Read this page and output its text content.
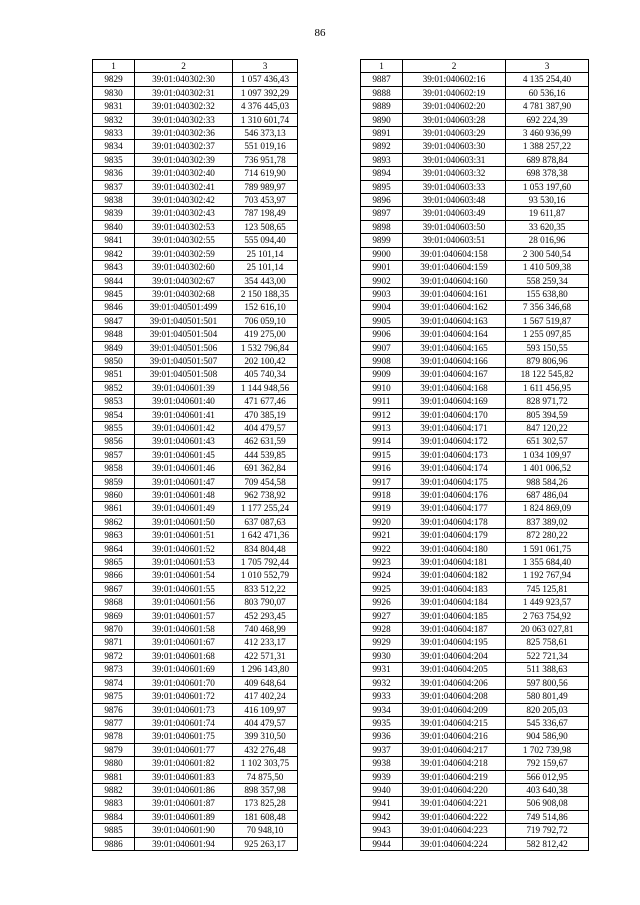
86
1	2	3
9829	39:01:040302:30	1 057 436,43
9830	39:01:040302:31	1 097 392,29
9831	39:01:040302:32	4 376 445,03
9832	39:01:040302:33	1 310 601,74
9833	39:01:040302:36	546 373,13
9834	39:01:040302:37	551 019,16
9835	39:01:040302:39	736 951,78
9836	39:01:040302:40	714 619,90
9837	39:01:040302:41	789 989,97
9838	39:01:040302:42	703 453,97
9839	39:01:040302:43	787 198,49
9840	39:01:040302:53	123 508,65
9841	39:01:040302:55	555 094,40
9842	39:01:040302:59	25 101,14
9843	39:01:040302:60	25 101,14
9844	39:01:040302:67	354 443,00
9845	39:01:040302:68	2 150 188,35
9846	39:01:040501:499	152 616,10
9847	39:01:040501:501	706 059,10
9848	39:01:040501:504	419 275,00
9849	39:01:040501:506	1 532 796,84
9850	39:01:040501:507	202 100,42
9851	39:01:040501:508	405 740,34
9852	39:01:040601:39	1 144 948,56
9853	39:01:040601:40	471 677,46
9854	39:01:040601:41	470 385,19
9855	39:01:040601:42	404 479,57
9856	39:01:040601:43	462 631,59
9857	39:01:040601:45	444 539,85
9858	39:01:040601:46	691 362,84
9859	39:01:040601:47	709 454,58
9860	39:01:040601:48	962 738,92
9861	39:01:040601:49	1 177 255,24
9862	39:01:040601:50	637 087,63
9863	39:01:040601:51	1 642 471,36
9864	39:01:040601:52	834 804,48
9865	39:01:040601:53	1 705 792,44
9866	39:01:040601:54	1 010 552,79
9867	39:01:040601:55	833 512,22
9868	39:01:040601:56	803 790,07
9869	39:01:040601:57	452 293,45
9870	39:01:040601:58	740 468,99
9871	39:01:040601:67	412 233,17
9872	39:01:040601:68	422 571,31
9873	39:01:040601:69	1 296 143,80
9874	39:01:040601:70	409 648,64
9875	39:01:040601:72	417 402,24
9876	39:01:040601:73	416 109,97
9877	39:01:040601:74	404 479,57
9878	39:01:040601:75	399 310,50
9879	39:01:040601:77	432 276,48
9880	39:01:040601:82	1 102 303,75
9881	39:01:040601:83	74 875,50
9882	39:01:040601:86	898 357,98
9883	39:01:040601:87	173 825,28
9884	39:01:040601:89	181 608,48
9885	39:01:040601:90	70 948,10
9886	39:01:040601:94	925 263,17
1	2	3
9887	39:01:040602:16	4 135 254,40
9888	39:01:040602:19	60 536,16
9889	39:01:040602:20	4 781 387,90
9890	39:01:040603:28	692 224,39
9891	39:01:040603:29	3 460 936,99
9892	39:01:040603:30	1 388 257,22
9893	39:01:040603:31	689 878,84
9894	39:01:040603:32	698 378,38
9895	39:01:040603:33	1 053 197,60
9896	39:01:040603:48	93 530,16
9897	39:01:040603:49	19 611,87
9898	39:01:040603:50	33 620,35
9899	39:01:040603:51	28 016,96
9900	39:01:040604:158	2 300 540,54
9901	39:01:040604:159	1 410 509,38
9902	39:01:040604:160	558 259,34
9903	39:01:040604:161	155 638,80
9904	39:01:040604:162	7 356 346,68
9905	39:01:040604:163	1 567 519,87
9906	39:01:040604:164	1 255 097,85
9907	39:01:040604:165	593 150,55
9908	39:01:040604:166	879 806,96
9909	39:01:040604:167	18 122 545,82
9910	39:01:040604:168	1 611 456,95
9911	39:01:040604:169	828 971,72
9912	39:01:040604:170	805 394,59
9913	39:01:040604:171	847 120,22
9914	39:01:040604:172	651 302,57
9915	39:01:040604:173	1 034 109,97
9916	39:01:040604:174	1 401 006,52
9917	39:01:040604:175	988 584,26
9918	39:01:040604:176	687 486,04
9919	39:01:040604:177	1 824 869,09
9920	39:01:040604:178	837 389,02
9921	39:01:040604:179	872 280,22
9922	39:01:040604:180	1 591 061,75
9923	39:01:040604:181	1 355 684,40
9924	39:01:040604:182	1 192 767,94
9925	39:01:040604:183	745 125,81
9926	39:01:040604:184	1 449 923,57
9927	39:01:040604:185	2 763 754,92
9928	39:01:040604:187	20 063 027,81
9929	39:01:040604:195	825 758,61
9930	39:01:040604:204	522 721,34
9931	39:01:040604:205	511 388,63
9932	39:01:040604:206	597 800,56
9933	39:01:040604:208	580 801,49
9934	39:01:040604:209	820 205,03
9935	39:01:040604:215	545 336,67
9936	39:01:040604:216	904 586,90
9937	39:01:040604:217	1 702 739,98
9938	39:01:040604:218	792 159,67
9939	39:01:040604:219	566 012,95
9940	39:01:040604:220	403 640,38
9941	39:01:040604:221	506 908,08
9942	39:01:040604:222	749 514,86
9943	39:01:040604:223	719 792,72
9944	39:01:040604:224	582 812,42
